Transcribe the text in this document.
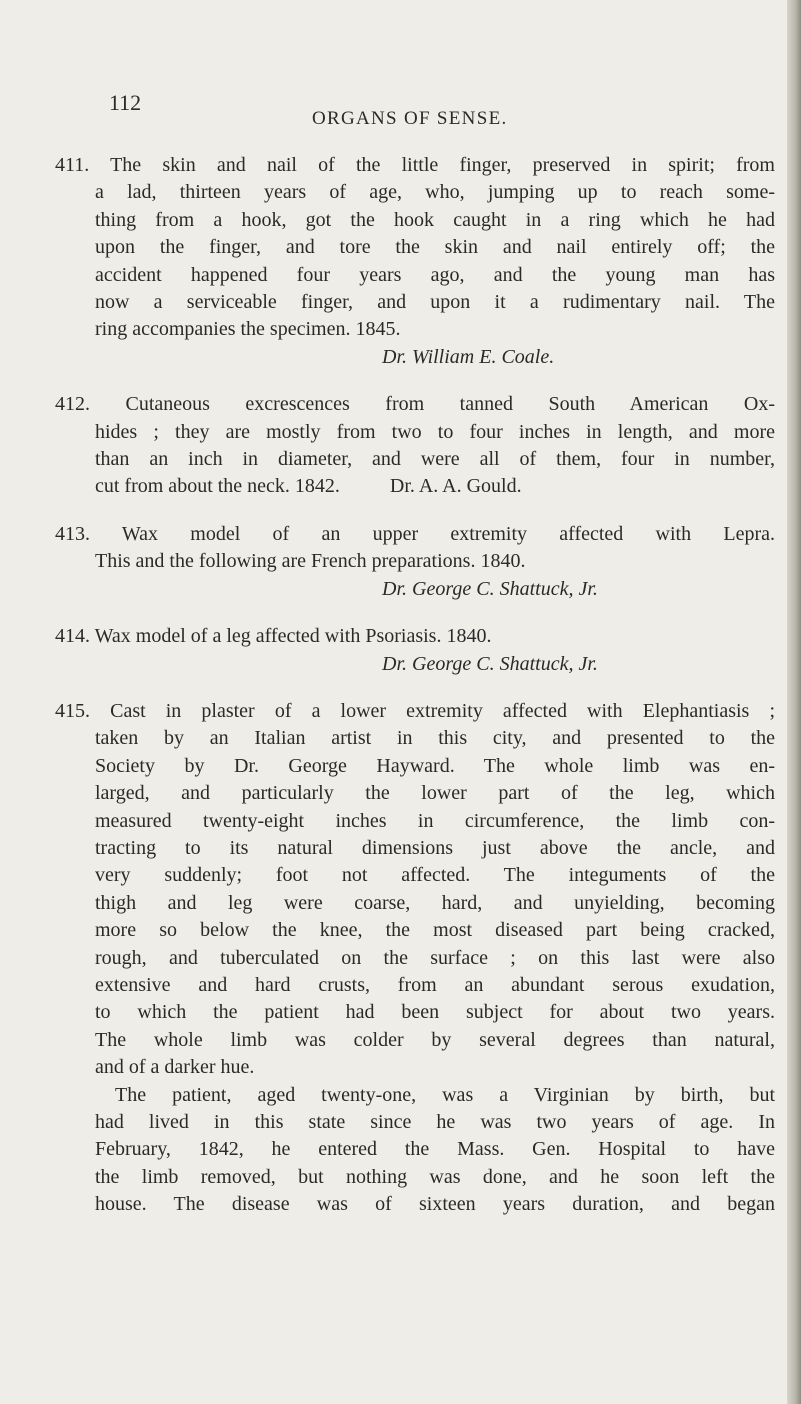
112
ORGANS OF SENSE.
411. The skin and nail of the little finger, preserved in spirit; from
a lad, thirteen years of age, who, jumping up to reach some-
thing from a hook, got the hook caught in a ring which he had
upon the finger, and tore the skin and nail entirely off; the
accident happened four years ago, and the young man has
now a serviceable finger, and upon it a rudimentary nail. The
ring accompanies the specimen. 1845.
Dr. William E. Coale.
412. Cutaneous excrescences from tanned South American Ox-
hides ; they are mostly from two to four inches in length, and more
than an inch in diameter, and were all of them, four in number,
cut from about the neck. 1842.          Dr. A. A. Gould.
413. Wax model of an upper extremity affected with Lepra.
This and the following are French preparations. 1840.
Dr. George C. Shattuck, Jr.
414. Wax model of a leg affected with Psoriasis. 1840.
Dr. George C. Shattuck, Jr.
415. Cast in plaster of a lower extremity affected with Elephantiasis ;
taken by an Italian artist in this city, and presented to the
Society by Dr. George Hayward. The whole limb was en-
larged, and particularly the lower part of the leg, which
measured twenty-eight inches in circumference, the limb con-
tracting to its natural dimensions just above the ancle, and
very suddenly; foot not affected. The integuments of the
thigh and leg were coarse, hard, and unyielding, becoming
more so below the knee, the most diseased part being cracked,
rough, and tuberculated on the surface ; on this last were also
extensive and hard crusts, from an abundant serous exudation,
to which the patient had been subject for about two years.
The whole limb was colder by several degrees than natural,
and of a darker hue.
The patient, aged twenty-one, was a Virginian by birth, but
had lived in this state since he was two years of age. In
February, 1842, he entered the Mass. Gen. Hospital to have
the limb removed, but nothing was done, and he soon left the
house. The disease was of sixteen years duration, and began
